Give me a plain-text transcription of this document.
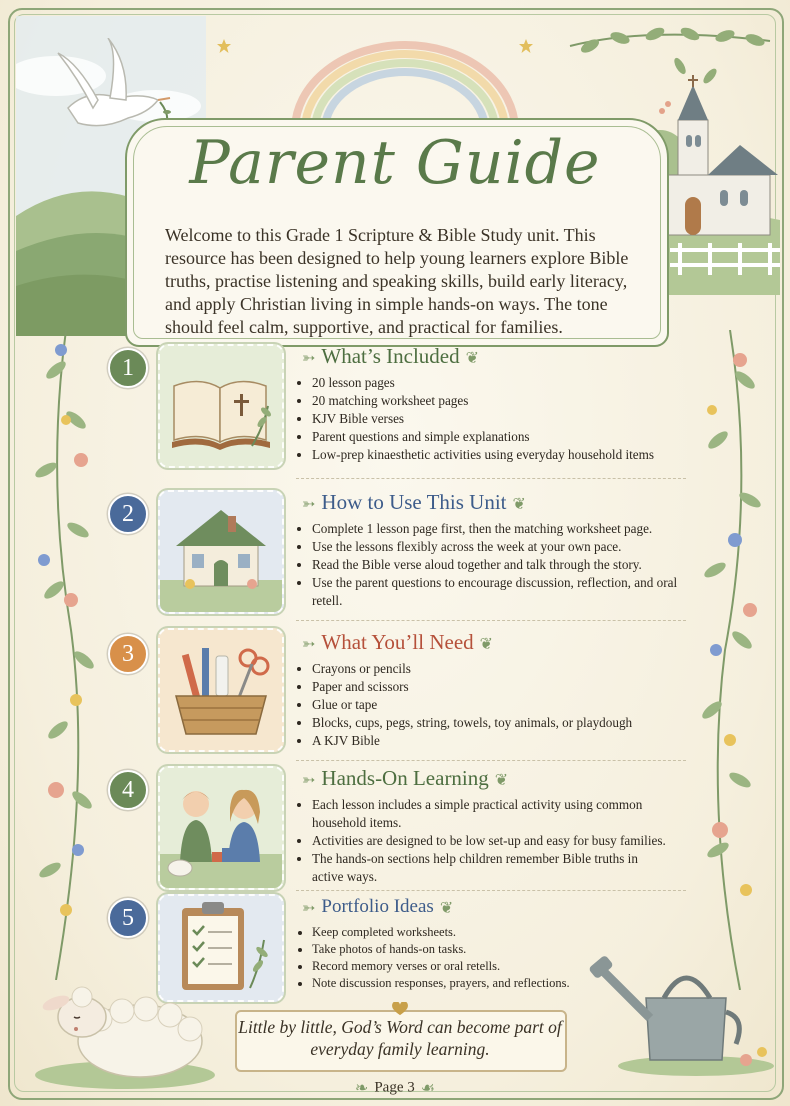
Parent Guide
Welcome to this Grade 1 Scripture & Bible Study unit. This resource has been designed to help young learners explore Bible truths, practise listening and speaking skills, build early literacy, and apply Christian living in simple hands-on ways. The tone should feel calm, supportive, and practical for families.
1	➳ What’s Included ❦
• 20 lesson pages
• 20 matching worksheet pages
• KJV Bible verses
• Parent questions and simple explanations
• Low-prep kinaesthetic activities using everyday household items
2	➳ How to Use This Unit ❦
• Complete 1 lesson page first, then the matching worksheet page.
• Use the lessons flexibly across the week at your own pace.
• Read the Bible verse aloud together and talk through the story.
• Use the parent questions to encourage discussion, reflection, and oral retell.
3	➳ What You’ll Need ❦
• Crayons or pencils
• Paper and scissors
• Glue or tape
• Blocks, cups, pegs, string, towels, toy animals, or playdough
• A KJV Bible
4	➳ Hands-On Learning ❦
• Each lesson includes a simple practical activity using common household items.
• Activities are designed to be low set-up and easy for busy families.
• The hands-on sections help children remember Bible truths in active ways.
5	➳ Portfolio Ideas ❦
• Keep completed worksheets.
• Take photos of hands-on tasks.
• Record memory verses or oral retells.
• Note discussion responses, prayers, and reflections.
Little by little, God’s Word can become part of everyday family learning.
❧ Page 3 ☙
